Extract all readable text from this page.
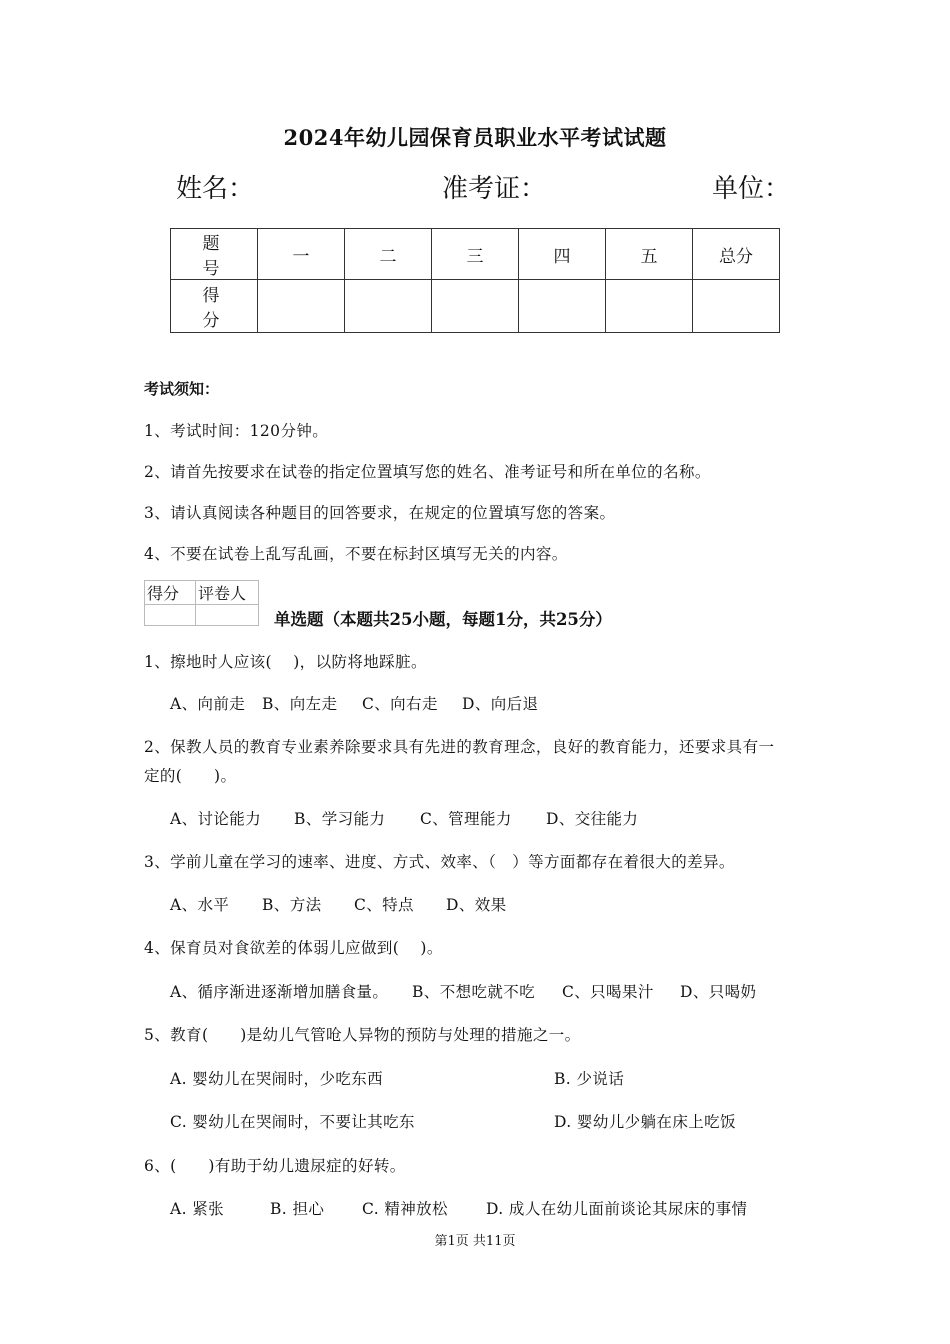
2024年幼儿园保育员职业水平考试试题
姓名：	准考证：	单位：
题　号	一	二	三	四	五	总分
得　分						
考试须知：
1、考试时间：120分钟。
2、请首先按要求在试卷的指定位置填写您的姓名、准考证号和所在单位的名称。
3、请认真阅读各种题目的回答要求，在规定的位置填写您的答案。
4、不要在试卷上乱写乱画，不要在标封区填写无关的内容。
得分	评卷人

单选题（本题共25小题，每题1分，共25分）
1、擦地时人应该(　 )，以防将地踩脏。
A、向前走 B、向左走 C、向右走 D、向后退
2、保教人员的教育专业素养除要求具有先进的教育理念，良好的教育能力，还要求具有一
定的(　　)。
A、讨论能力 B、学习能力 C、管理能力 D、交往能力
3、学前儿童在学习的速率、进度、方式、效率、（　）等方面都存在着很大的差异。
A、水平 B、方法 C、特点 D、效果
4、保育员对食欲差的体弱儿应做到(　 )。
A、循序渐进逐渐增加膳食量。 B、不想吃就不吃 C、只喝果汁 D、只喝奶
5、教育(　　)是幼儿气管呛人异物的预防与处理的措施之一。
A. 婴幼儿在哭闹时，少吃东西	B. 少说话
C. 婴幼儿在哭闹时，不要让其吃东	D. 婴幼儿少躺在床上吃饭
6、(　　)有助于幼儿遗尿症的好转。
A. 紧张	B. 担心 C. 精神放松 D. 成人在幼儿面前谈论其尿床的事情
第1页 共11页
